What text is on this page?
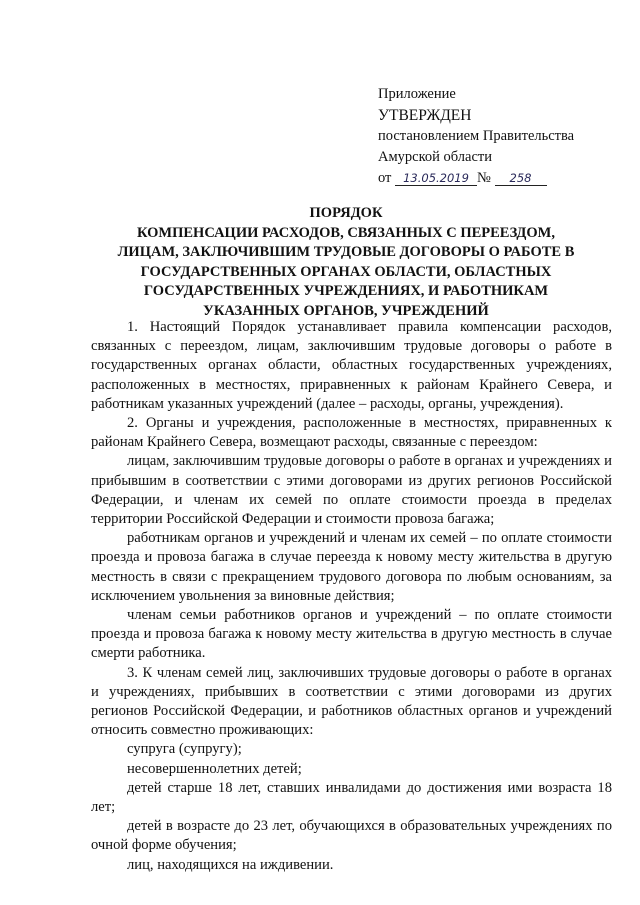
Приложение
УТВЕРЖДЕН
постановлением Правительства
Амурской области
от 13.05.2019 № 258
ПОРЯДОК
КОМПЕНСАЦИИ РАСХОДОВ, СВЯЗАННЫХ С ПЕРЕЕЗДОМ,
ЛИЦАМ, ЗАКЛЮЧИВШИМ ТРУДОВЫЕ ДОГОВОРЫ О РАБОТЕ В
ГОСУДАРСТВЕННЫХ ОРГАНАХ ОБЛАСТИ, ОБЛАСТНЫХ
ГОСУДАРСТВЕННЫХ УЧРЕЖДЕНИЯХ, И РАБОТНИКАМ
УКАЗАННЫХ ОРГАНОВ, УЧРЕЖДЕНИЙ

1. Настоящий Порядок устанавливает правила компенсации расходов, связанных с переездом, лицам, заключившим трудовые договоры о работе в государственных органах области, областных государственных учреждениях, расположенных в местностях, приравненных к районам Крайнего Севера, и работникам указанных учреждений (далее – расходы, органы, учреждения).

2. Органы и учреждения, расположенные в местностях, приравненных к районам Крайнего Севера, возмещают расходы, связанные с переездом:

лицам, заключившим трудовые договоры о работе в органах и учреждениях и прибывшим в соответствии с этими договорами из других регионов Российской Федерации, и членам их семей по оплате стоимости проезда в пределах территории Российской Федерации и стоимости провоза багажа;

работникам органов и учреждений и членам их семей – по оплате стоимости проезда и провоза багажа в случае переезда к новому месту жительства в другую местность в связи с прекращением трудового договора по любым основаниям, за исключением увольнения за виновные действия;

членам семьи работников органов и учреждений – по оплате стоимости проезда и провоза багажа к новому месту жительства в другую местность в случае смерти работника.

3. К членам семей лиц, заключивших трудовые договоры о работе в органах и учреждениях, прибывших в соответствии с этими договорами из других регионов Российской Федерации, и работников областных органов и учреждений относить совместно проживающих:

супруга (супругу);

несовершеннолетних детей;

детей старше 18 лет, ставших инвалидами до достижения ими возраста 18 лет;

детей в возрасте до 23 лет, обучающихся в образовательных учреждениях по очной форме обучения;

лиц, находящихся на иждивении.
